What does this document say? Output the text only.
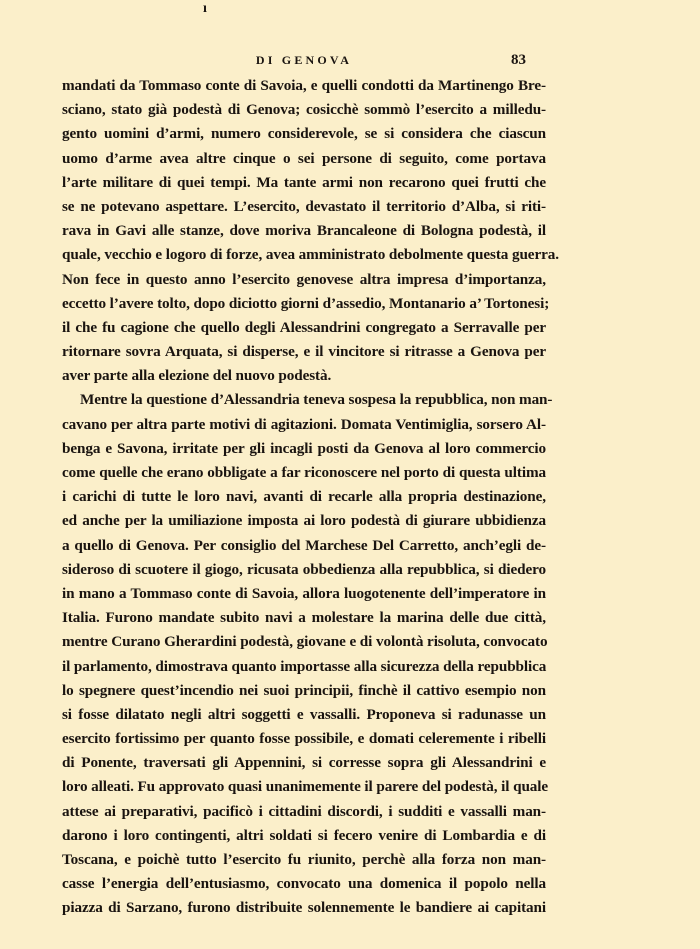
ı
DI GENOVA	83
mandati da Tommaso conte di Savoia, e quelli condotti da Martinengo Bre-
sciano, stato già podestà di Genova; cosicchè sommò l’esercito a milledu-
gento uomini d’armi, numero considerevole, se si considera che ciascun
uomo d’arme avea altre cinque o sei persone di seguito, come portava
l’arte militare di quei tempi. Ma tante armi non recarono quei frutti che
se ne potevano aspettare. L’esercito, devastato il territorio d’Alba, si riti-
rava in Gavi alle stanze, dove moriva Brancaleone di Bologna podestà, il
quale, vecchio e logoro di forze, avea amministrato debolmente questa guerra.
Non fece in questo anno l’esercito genovese altra impresa d’importanza,
eccetto l’avere tolto, dopo diciotto giorni d’assedio, Montanario a’ Tortonesi;
il che fu cagione che quello degli Alessandrini congregato a Serravalle per
ritornare sovra Arquata, si disperse, e il vincitore si ritrasse a Genova per
aver parte alla elezione del nuovo podestà.
Mentre la questione d’Alessandria teneva sospesa la repubblica, non man-
cavano per altra parte motivi di agitazioni. Domata Ventimiglia, sorsero Al-
benga e Savona, irritate per gli incagli posti da Genova al loro commercio
come quelle che erano obbligate a far riconoscere nel porto di questa ultima
i carichi di tutte le loro navi, avanti di recarle alla propria destinazione,
ed anche per la umiliazione imposta ai loro podestà di giurare ubbidienza
a quello di Genova. Per consiglio del Marchese Del Carretto, anch’egli de-
sideroso di scuotere il giogo, ricusata obbedienza alla repubblica, si diedero
in mano a Tommaso conte di Savoia, allora luogotenente dell’imperatore in
Italia. Furono mandate subito navi a molestare la marina delle due città,
mentre Curano Gherardini podestà, giovane e di volontà risoluta, convocato
il parlamento, dimostrava quanto importasse alla sicurezza della repubblica
lo spegnere quest’incendio nei suoi principii, finchè il cattivo esempio non
si fosse dilatato negli altri soggetti e vassalli. Proponeva si radunasse un
esercito fortissimo per quanto fosse possibile, e domati celeremente i ribelli
di Ponente, traversati gli Appennini, si corresse sopra gli Alessandrini e
loro alleati. Fu approvato quasi unanimemente il parere del podestà, il quale
attese ai preparativi, pacificò i cittadini discordi, i sudditi e vassalli man-
darono i loro contingenti, altri soldati si fecero venire di Lombardia e di
Toscana, e poichè tutto l’esercito fu riunito, perchè alla forza non man-
casse l’energia dell’entusiasmo, convocato una domenica il popolo nella
piazza di Sarzano, furono distribuite solennemente le bandiere ai capitani
